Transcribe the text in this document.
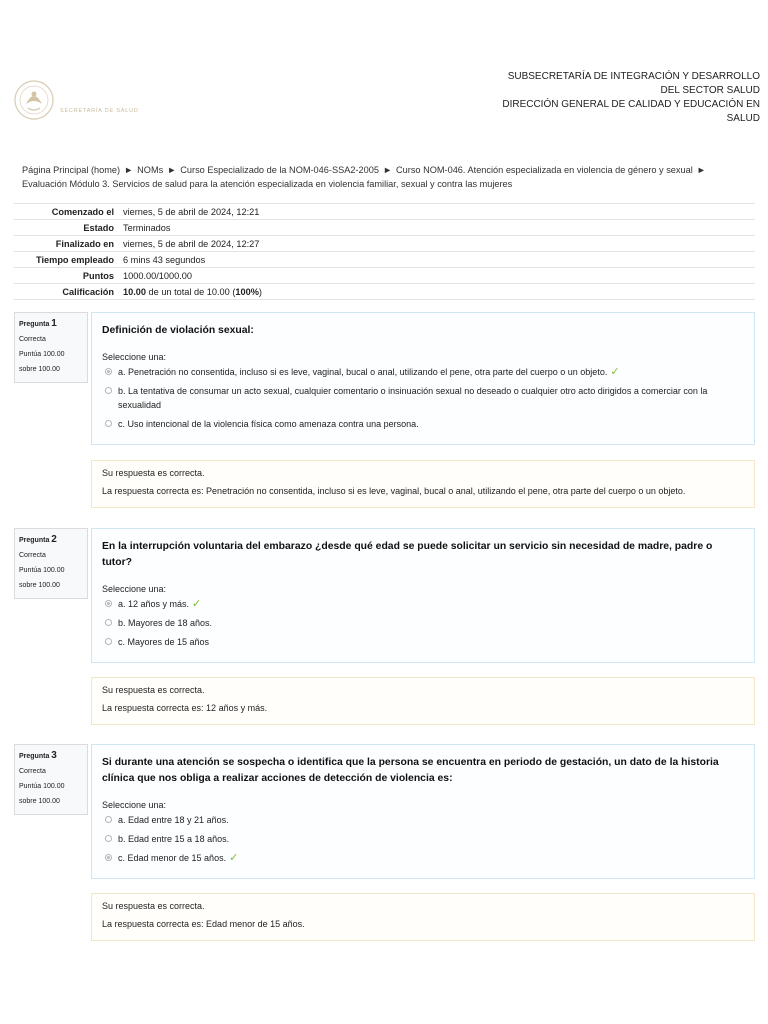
SECRETARÍA DE SALUD
SUBSECRETARÍA DE INTEGRACIÓN Y DESARROLLO
DEL SECTOR SALUD
DIRECCIÓN GENERAL DE CALIDAD Y EDUCACIÓN EN
SALUD
Página Principal (home) ► NOMs ► Curso Especializado de la NOM-046-SSA2-2005 ► Curso NOM-046. Atención especializada en violencia de género y sexual ►
Evaluación Módulo 3. Servicios de salud para la atención especializada en violencia familiar, sexual y contra las mujeres
Comenzado el	viernes, 5 de abril de 2024, 12:21
Estado	Terminados
Finalizado en	viernes, 5 de abril de 2024, 12:27
Tiempo empleado	6 mins 43 segundos
Puntos	1000.00/1000.00
Calificación	10.00 de un total de 10.00 (100%)
Pregunta 1
Correcta
Puntúa 100.00
sobre 100.00
Definición de violación sexual:
Seleccione una:
a. Penetración no consentida, incluso si es leve, vaginal, bucal o anal, utilizando el pene, otra parte del cuerpo o un objeto. ✓
b. La tentativa de consumar un acto sexual, cualquier comentario o insinuación sexual no deseado o cualquier otro acto dirigidos a comerciar con la sexualidad
c. Uso intencional de la violencia física como amenaza contra una persona.
Su respuesta es correcta.
La respuesta correcta es: Penetración no consentida, incluso si es leve, vaginal, bucal o anal, utilizando el pene, otra parte del cuerpo o un objeto.
Pregunta 2
Correcta
Puntúa 100.00
sobre 100.00
En la interrupción voluntaria del embarazo ¿desde qué edad se puede solicitar un servicio sin necesidad de madre, padre o tutor?
Seleccione una:
a. 12 años y más. ✓
b. Mayores de 18 años.
c. Mayores de 15 años
Su respuesta es correcta.
La respuesta correcta es: 12 años y más.
Pregunta 3
Correcta
Puntúa 100.00
sobre 100.00
Si durante una atención se sospecha o identifica que la persona se encuentra en periodo de gestación, un dato de la historia clínica que nos obliga a realizar acciones de detección de violencia es:
Seleccione una:
a. Edad entre 18 y 21 años.
b. Edad entre 15 a 18 años.
c. Edad menor de 15 años. ✓
Su respuesta es correcta.
La respuesta correcta es: Edad menor de 15 años.
